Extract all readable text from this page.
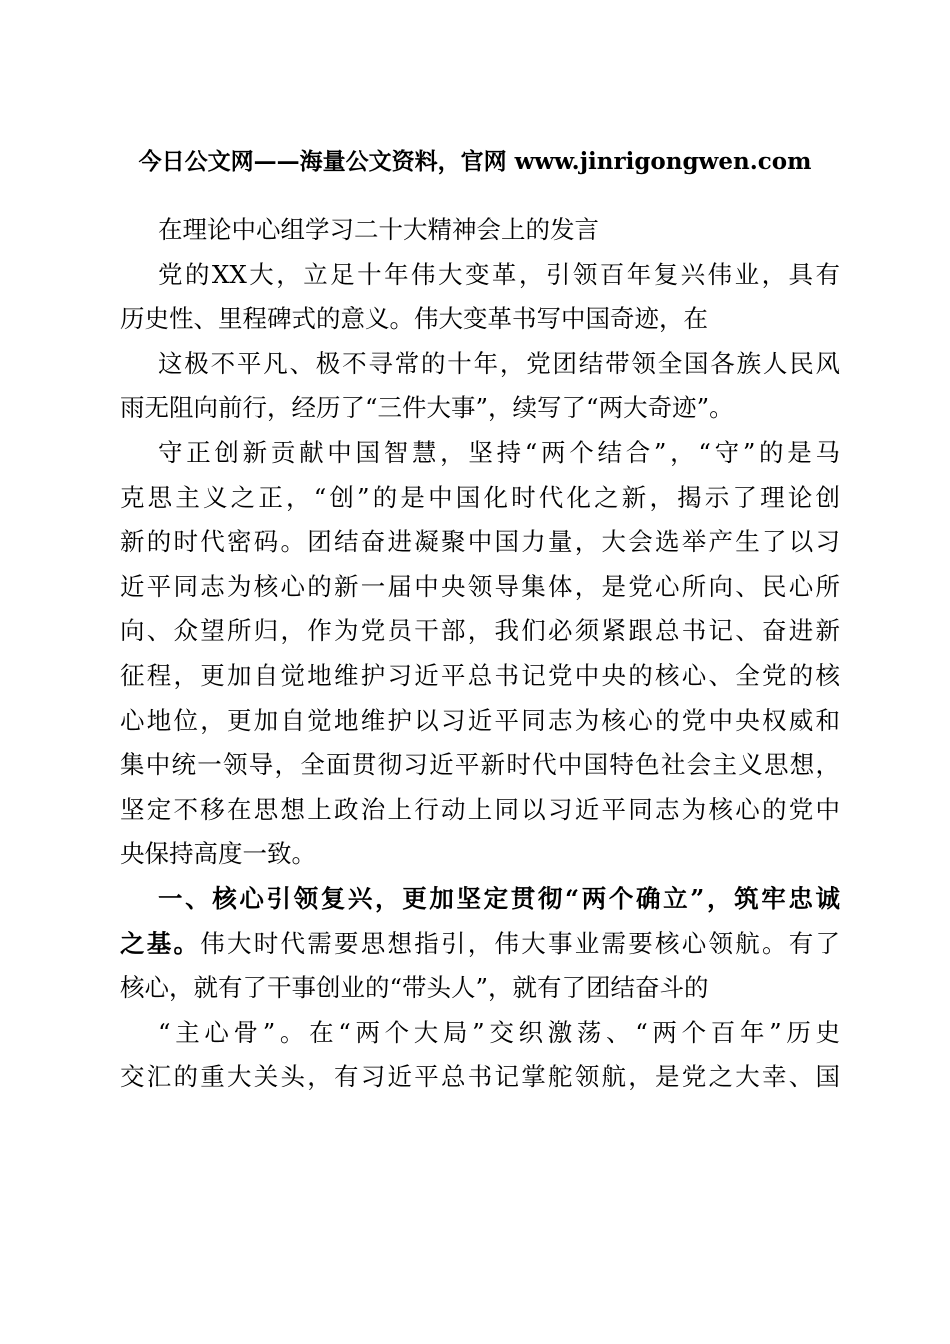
今日公文网——海量公文资料，官网 www.jinrigongwen.com
在理论中心组学习二十大精神会上的发言
党的XX大，立足十年伟大变革，引领百年复兴伟业，具有
历史性、里程碑式的意义。伟大变革书写中国奇迹，在
这极不平凡、极不寻常的十年，党团结带领全国各族人民风
雨无阻向前行，经历了“三件大事”，续写了“两大奇迹”。
守正创新贡献中国智慧，坚持“两个结合”，“守”的是马
克思主义之正，“创”的是中国化时代化之新，揭示了理论创
新的时代密码。团结奋进凝聚中国力量，大会选举产生了以习
近平同志为核心的新一届中央领导集体，是党心所向、民心所
向、众望所归，作为党员干部，我们必须紧跟总书记、奋进新
征程，更加自觉地维护习近平总书记党中央的核心、全党的核
心地位，更加自觉地维护以习近平同志为核心的党中央权威和
集中统一领导，全面贯彻习近平新时代中国特色社会主义思想，
坚定不移在思想上政治上行动上同以习近平同志为核心的党中
央保持高度一致。
一、核心引领复兴，更加坚定贯彻“两个确立”，筑牢忠诚
之基。伟大时代需要思想指引，伟大事业需要核心领航。有了
核心，就有了干事创业的“带头人”，就有了团结奋斗的
“主心骨”。在“两个大局”交织激荡、“两个百年”历史
交汇的重大关头，有习近平总书记掌舵领航，是党之大幸、国
